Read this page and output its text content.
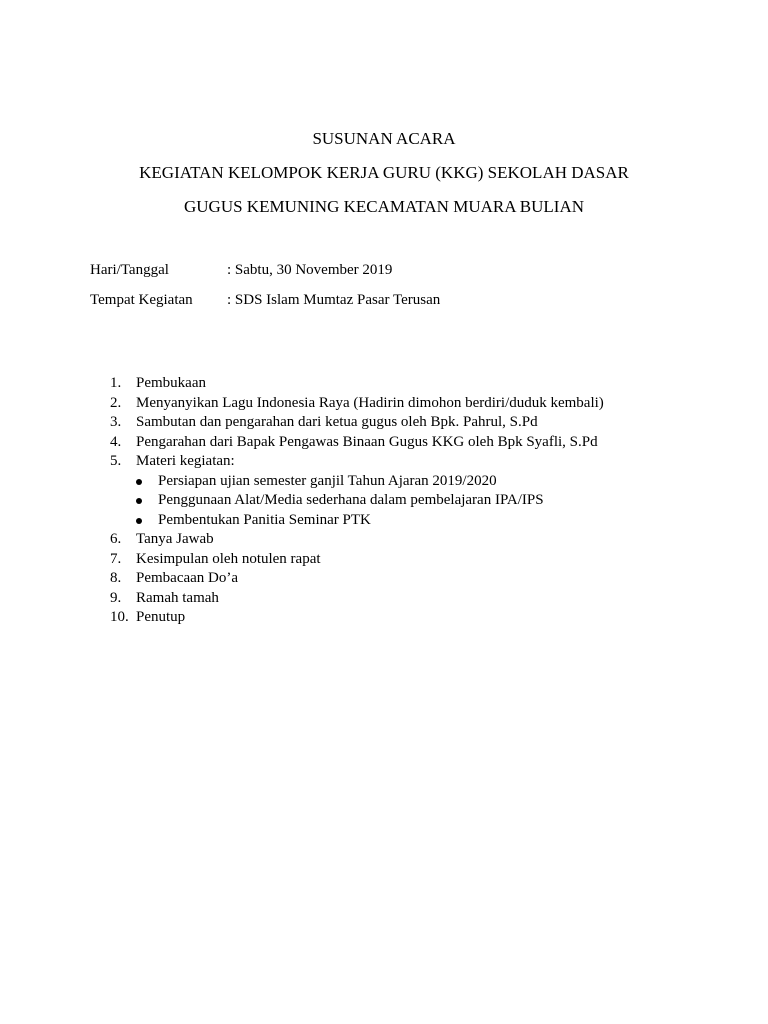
SUSUNAN ACARA
KEGIATAN KELOMPOK KERJA GURU (KKG) SEKOLAH DASAR
GUGUS KEMUNING KECAMATAN MUARA BULIAN
Hari/Tanggal	: Sabtu, 30 November 2019
Tempat Kegiatan	: SDS Islam Mumtaz Pasar Terusan
1. Pembukaan
2. Menyanyikan Lagu Indonesia Raya (Hadirin dimohon berdiri/duduk kembali)
3. Sambutan dan pengarahan dari ketua gugus oleh Bpk. Pahrul, S.Pd
4. Pengarahan dari Bapak Pengawas Binaan Gugus KKG oleh Bpk Syafli, S.Pd
5. Materi kegiatan:
Persiapan ujian semester ganjil Tahun Ajaran 2019/2020
Penggunaan Alat/Media sederhana dalam pembelajaran IPA/IPS
Pembentukan Panitia Seminar PTK
6. Tanya Jawab
7. Kesimpulan oleh notulen rapat
8. Pembacaan Do’a
9. Ramah tamah
10. Penutup
